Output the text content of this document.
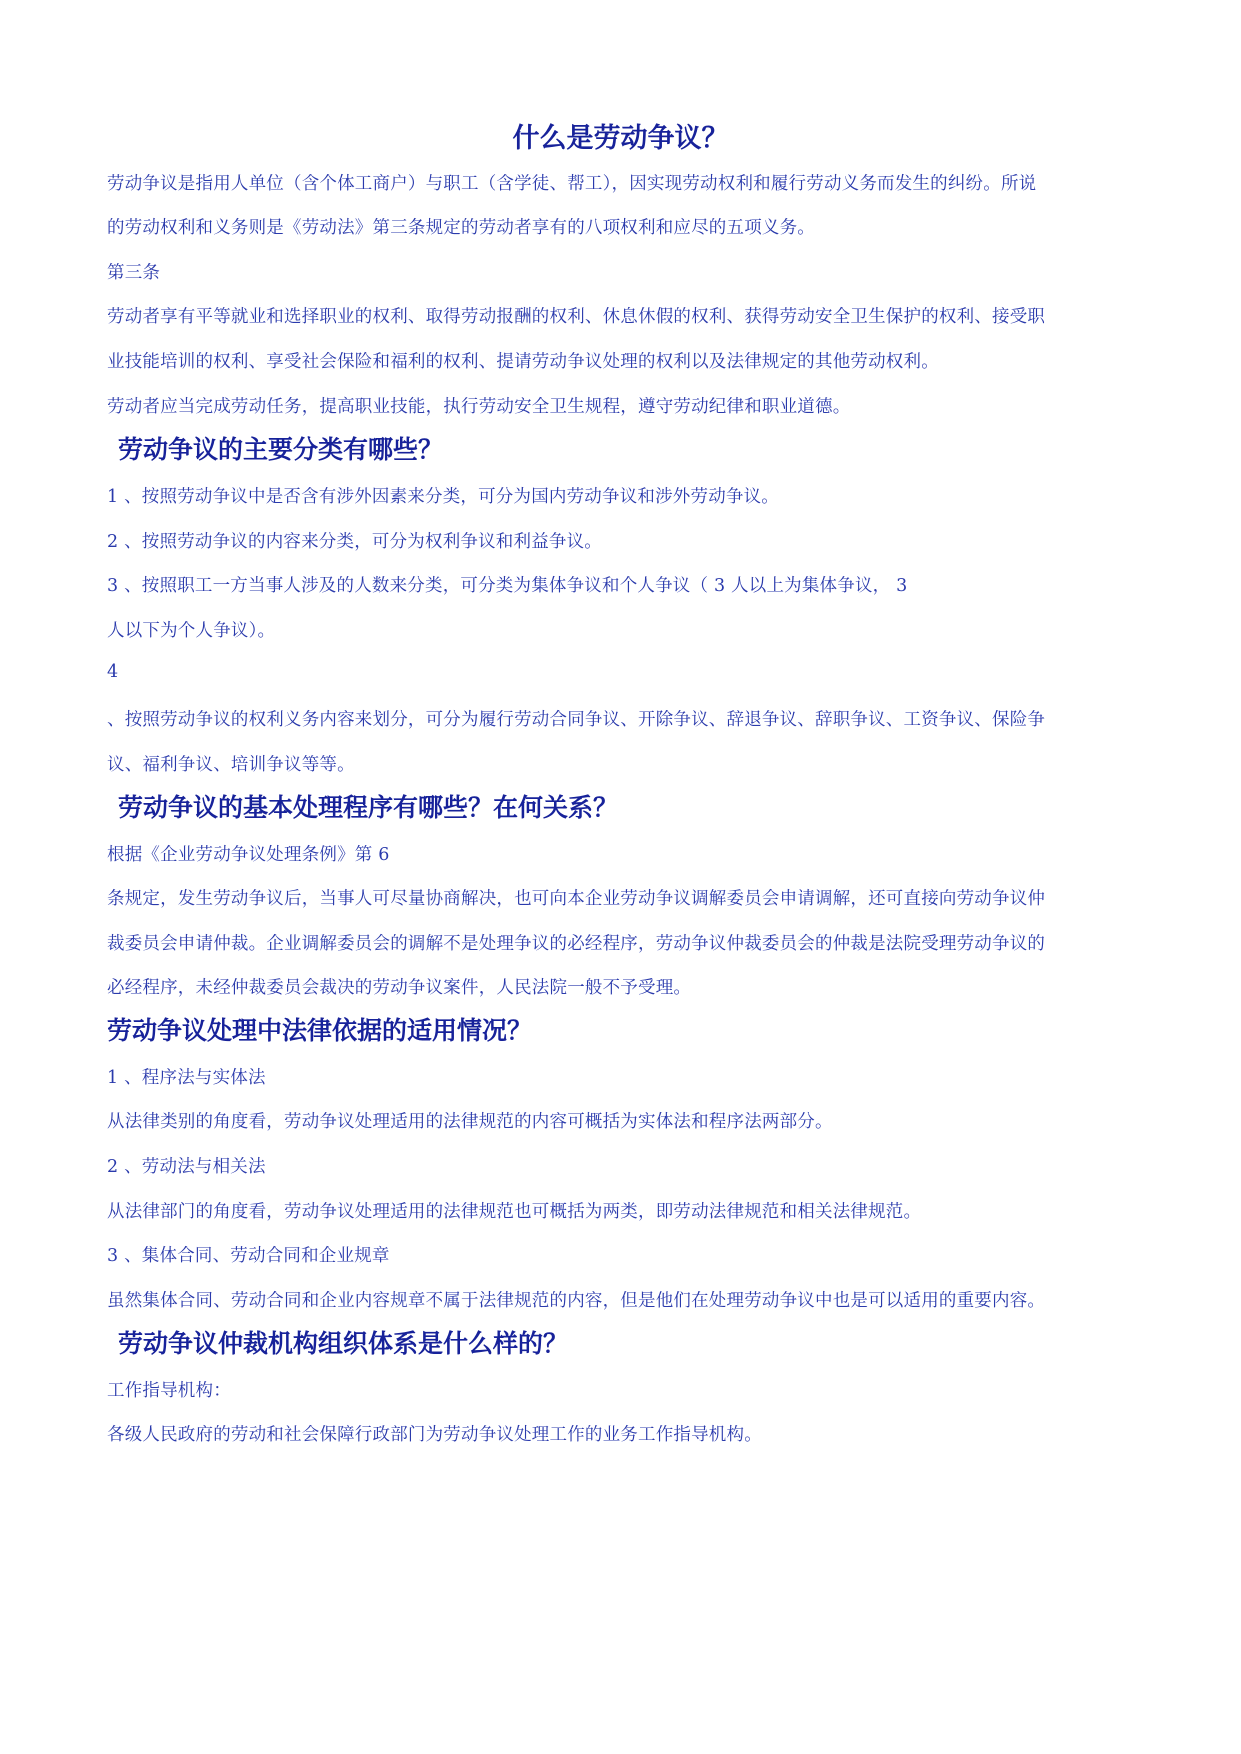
什么是劳动争议？

劳动争议是指用人单位（含个体工商户）与职工（含学徒、帮工），因实现劳动权利和履行劳动义务而发生的纠纷。所说

的劳动权利和义务则是《劳动法》第三条规定的劳动者享有的八项权利和应尽的五项义务。

第三条

劳动者享有平等就业和选择职业的权利、取得劳动报酬的权利、休息休假的权利、获得劳动安全卫生保护的权利、接受职

业技能培训的权利、享受社会保险和福利的权利、提请劳动争议处理的权利以及法律规定的其他劳动权利。

劳动者应当完成劳动任务，提高职业技能，执行劳动安全卫生规程，遵守劳动纪律和职业道德。

劳动争议的主要分类有哪些？

1 、按照劳动争议中是否含有涉外因素来分类，可分为国内劳动争议和涉外劳动争议。

2 、按照劳动争议的内容来分类，可分为权利争议和利益争议。

3 、按照职工一方当事人涉及的人数来分类，可分类为集体争议和个人争议（ 3 人以上为集体争议， 3

人以下为个人争议）。

4

、按照劳动争议的权利义务内容来划分，可分为履行劳动合同争议、开除争议、辞退争议、辞职争议、工资争议、保险争

议、福利争议、培训争议等等。

劳动争议的基本处理程序有哪些？在何关系？

根据《企业劳动争议处理条例》第 6

条规定，发生劳动争议后，当事人可尽量协商解决，也可向本企业劳动争议调解委员会申请调解，还可直接向劳动争议仲

裁委员会申请仲裁。企业调解委员会的调解不是处理争议的必经程序，劳动争议仲裁委员会的仲裁是法院受理劳动争议的

必经程序，未经仲裁委员会裁决的劳动争议案件，人民法院一般不予受理。

劳动争议处理中法律依据的适用情况？

1 、程序法与实体法

从法律类别的角度看，劳动争议处理适用的法律规范的内容可概括为实体法和程序法两部分。

2 、劳动法与相关法

从法律部门的角度看，劳动争议处理适用的法律规范也可概括为两类，即劳动法律规范和相关法律规范。

3 、集体合同、劳动合同和企业规章

虽然集体合同、劳动合同和企业内容规章不属于法律规范的内容，但是他们在处理劳动争议中也是可以适用的重要内容。

劳动争议仲裁机构组织体系是什么样的？

工作指导机构：

各级人民政府的劳动和社会保障行政部门为劳动争议处理工作的业务工作指导机构。
